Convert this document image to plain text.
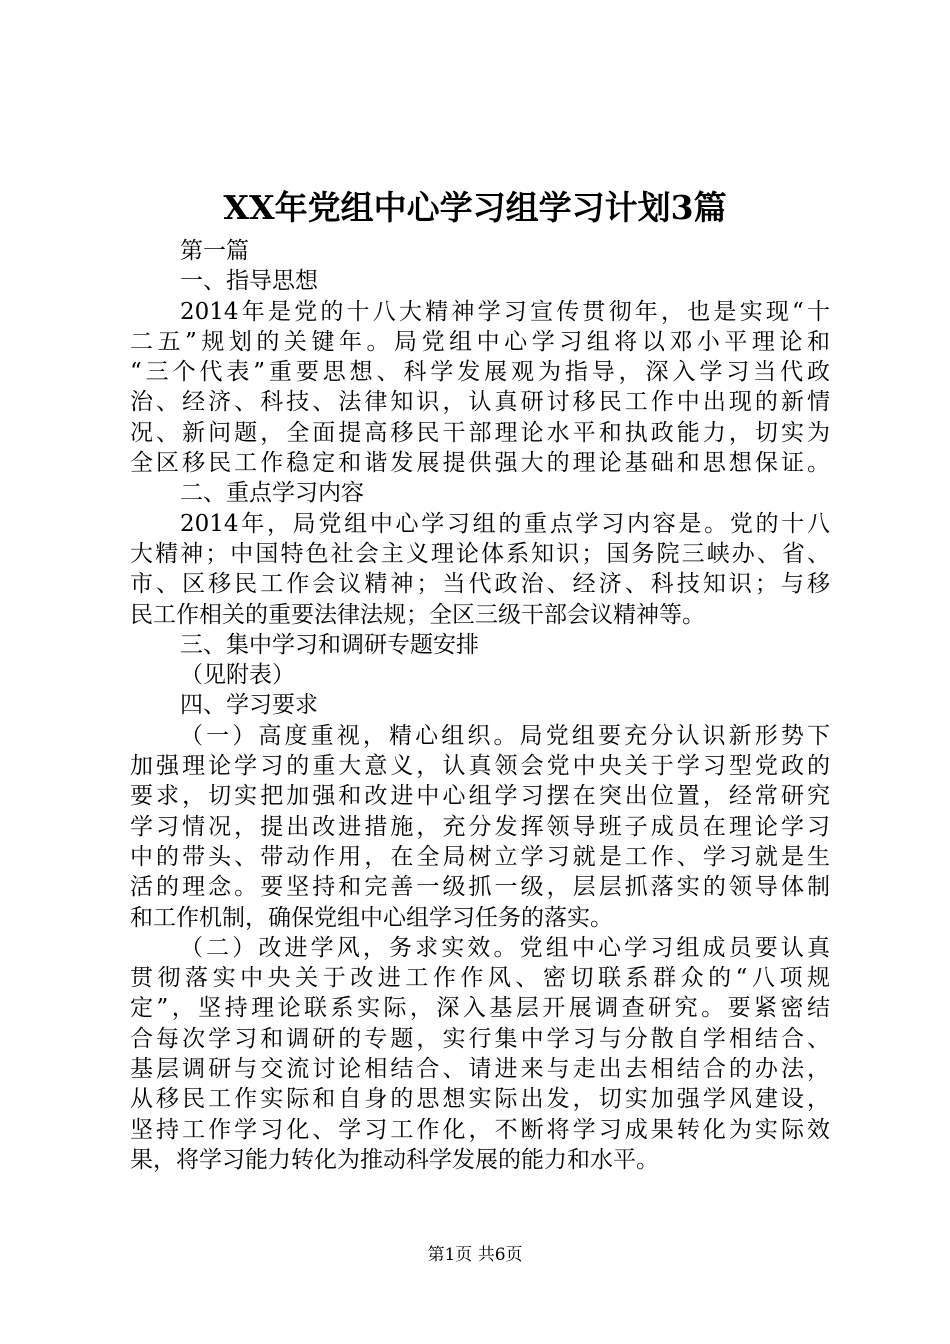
XX年党组中心学习组学习计划3篇
第一篇
一、指导思想
2014年是党的十八大精神学习宣传贯彻年，也是实现“十
二五”规划的关键年。局党组中心学习组将以邓小平理论和
“三个代表”重要思想、科学发展观为指导，深入学习当代政
治、经济、科技、法律知识，认真研讨移民工作中出现的新情
况、新问题，全面提高移民干部理论水平和执政能力，切实为
全区移民工作稳定和谐发展提供强大的理论基础和思想保证。
二、重点学习内容
2014年，局党组中心学习组的重点学习内容是。党的十八
大精神；中国特色社会主义理论体系知识；国务院三峡办、省、
市、区移民工作会议精神；当代政治、经济、科技知识；与移
民工作相关的重要法律法规；全区三级干部会议精神等。
三、集中学习和调研专题安排
（见附表）
四、学习要求
（一）高度重视，精心组织。局党组要充分认识新形势下
加强理论学习的重大意义，认真领会党中央关于学习型党政的
要求，切实把加强和改进中心组学习摆在突出位置，经常研究
学习情况，提出改进措施，充分发挥领导班子成员在理论学习
中的带头、带动作用，在全局树立学习就是工作、学习就是生
活的理念。要坚持和完善一级抓一级，层层抓落实的领导体制
和工作机制，确保党组中心组学习任务的落实。
（二）改进学风，务求实效。党组中心学习组成员要认真
贯彻落实中央关于改进工作作风、密切联系群众的“八项规
定”，坚持理论联系实际，深入基层开展调查研究。要紧密结
合每次学习和调研的专题，实行集中学习与分散自学相结合、
基层调研与交流讨论相结合、请进来与走出去相结合的办法，
从移民工作实际和自身的思想实际出发，切实加强学风建设，
坚持工作学习化、学习工作化，不断将学习成果转化为实际效
果，将学习能力转化为推动科学发展的能力和水平。
第1页 共6页
